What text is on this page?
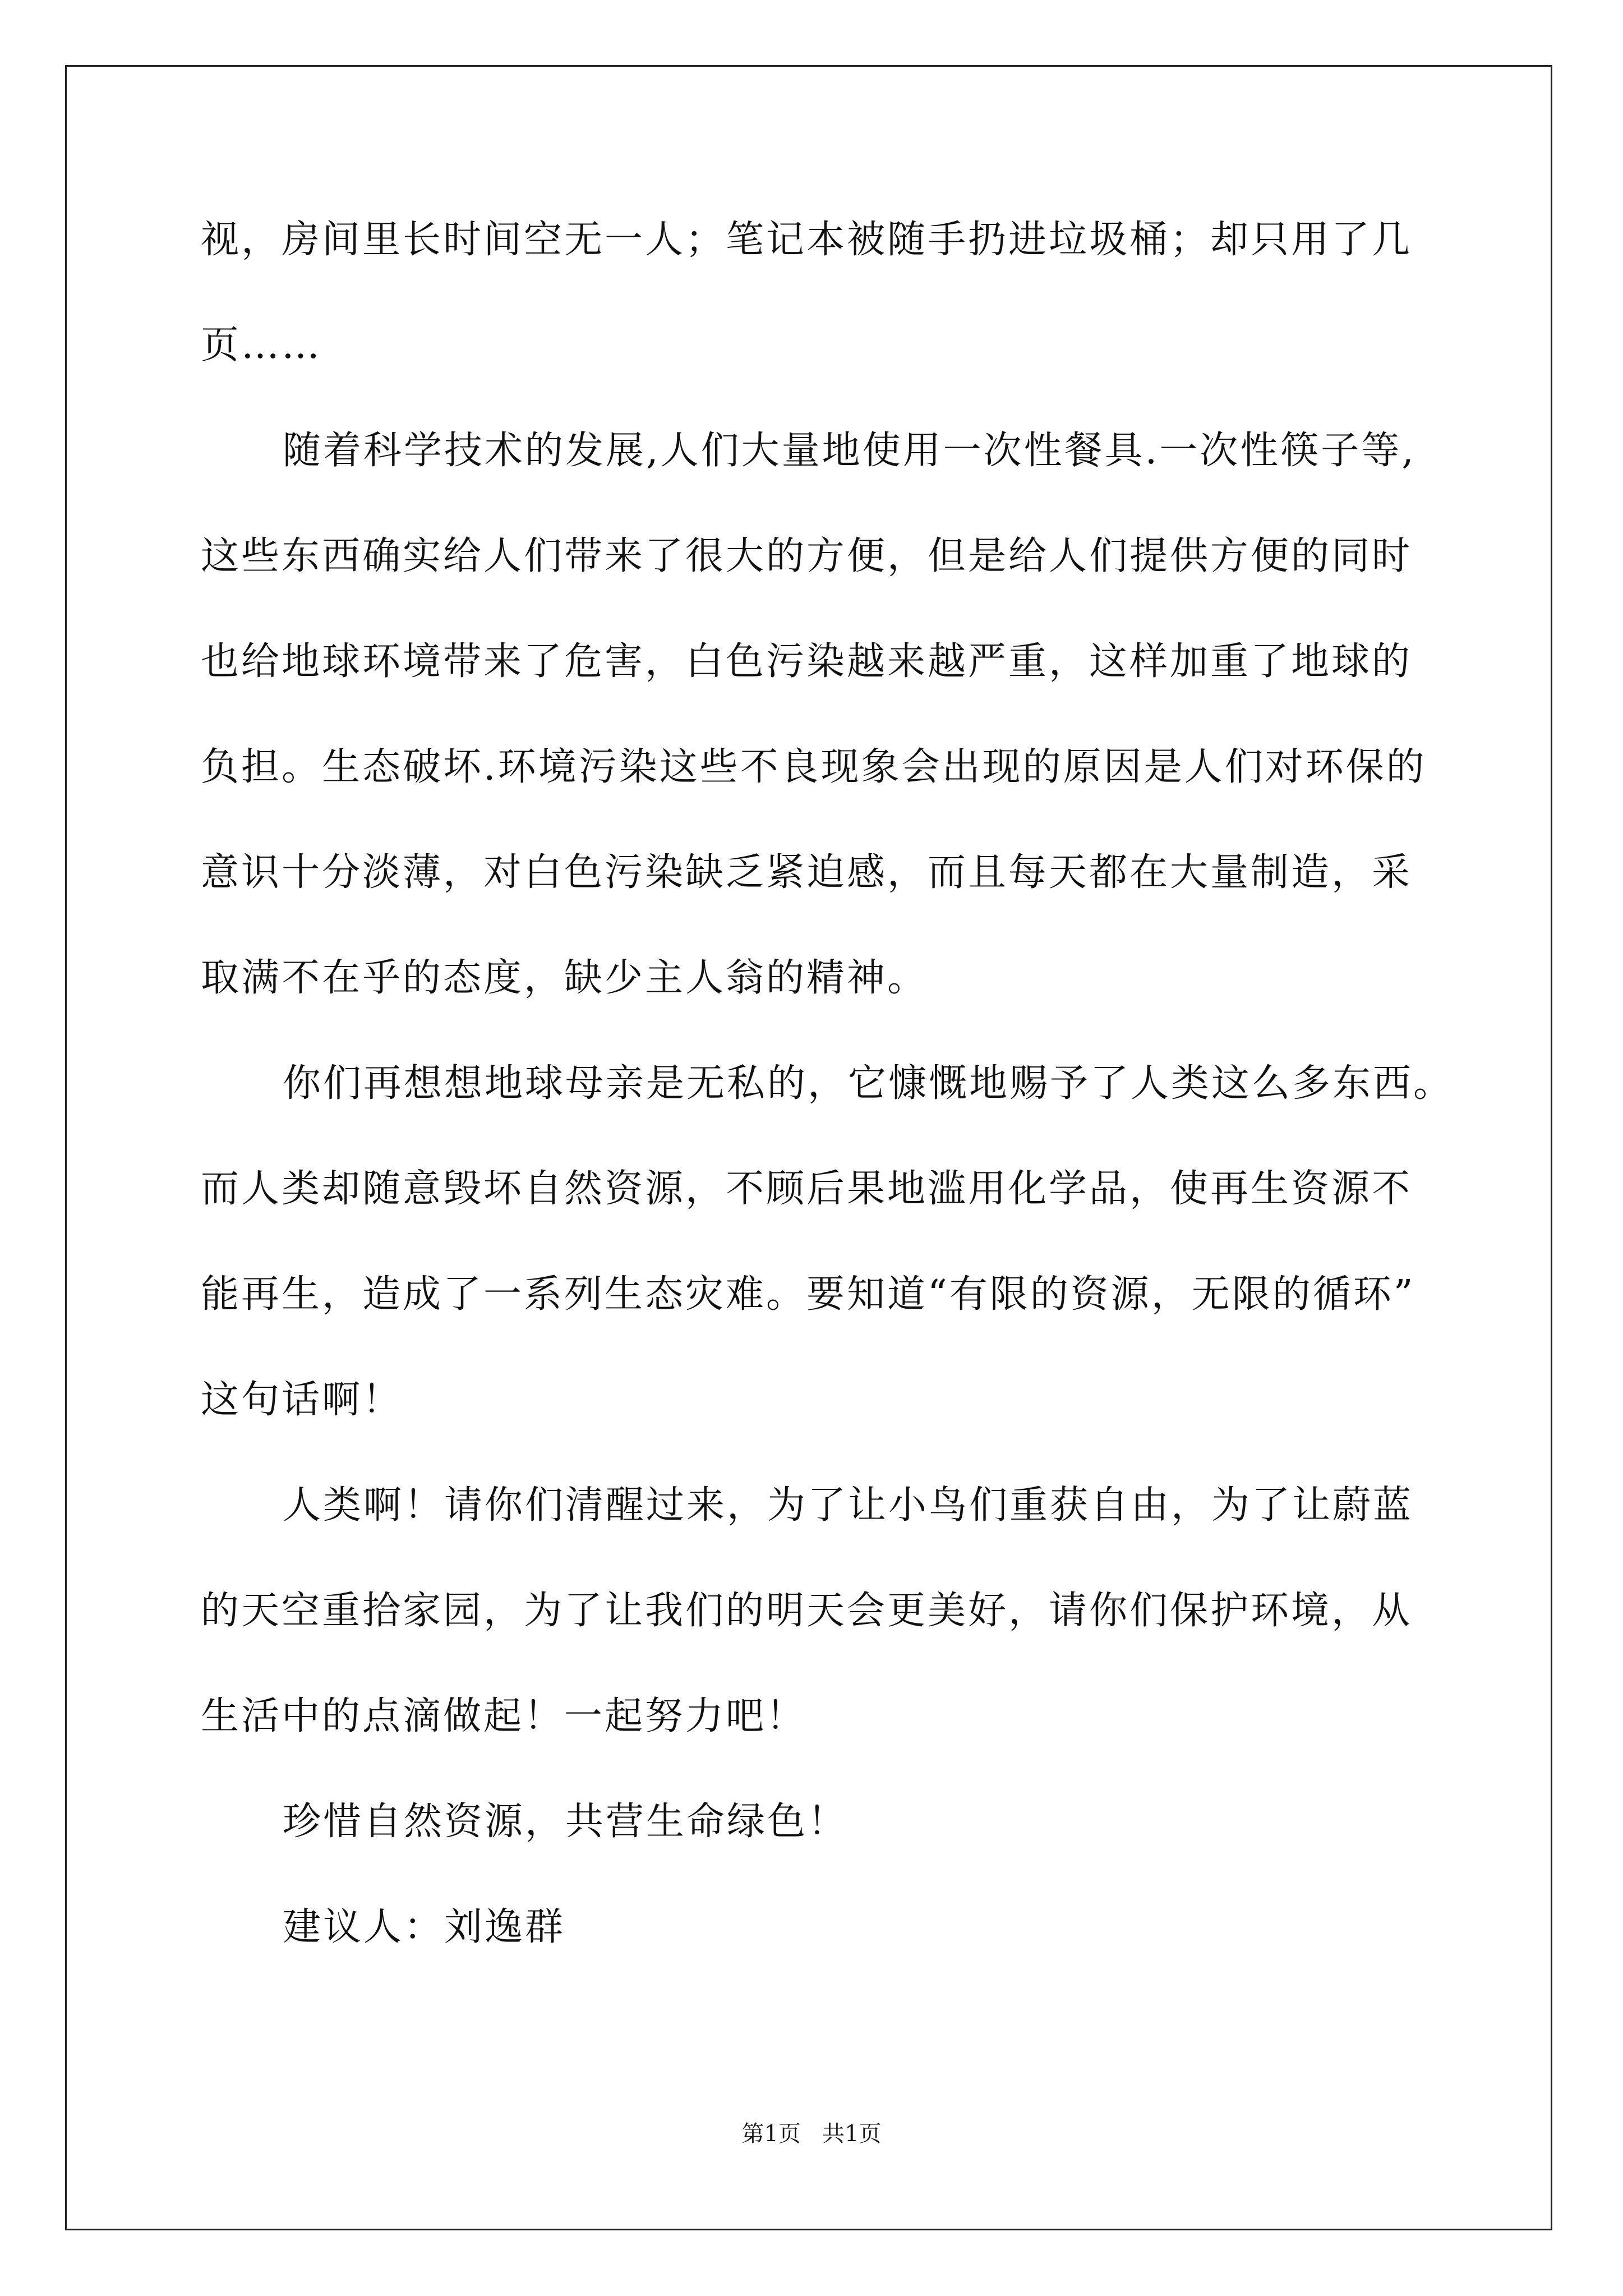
视，房间里长时间空无一人；笔记本被随手扔进垃圾桶；却只用了几
页……
随着科学技术的发展,人们大量地使用一次性餐具.一次性筷子等,
这些东西确实给人们带来了很大的方便，但是给人们提供方便的同时
也给地球环境带来了危害，白色污染越来越严重，这样加重了地球的
负担。生态破坏.环境污染这些不良现象会出现的原因是人们对环保的
意识十分淡薄，对白色污染缺乏紧迫感，而且每天都在大量制造，采
取满不在乎的态度，缺少主人翁的精神。
你们再想想地球母亲是无私的，它慷慨地赐予了人类这么多东西。
而人类却随意毁坏自然资源，不顾后果地滥用化学品，使再生资源不
能再生，造成了一系列生态灾难。要知道“有限的资源，无限的循环”
这句话啊！
人类啊！请你们清醒过来，为了让小鸟们重获自由，为了让蔚蓝
的天空重拾家园，为了让我们的明天会更美好，请你们保护环境，从
生活中的点滴做起！一起努力吧！
珍惜自然资源，共营生命绿色！
建议人：刘逸群
第1页   共1页
